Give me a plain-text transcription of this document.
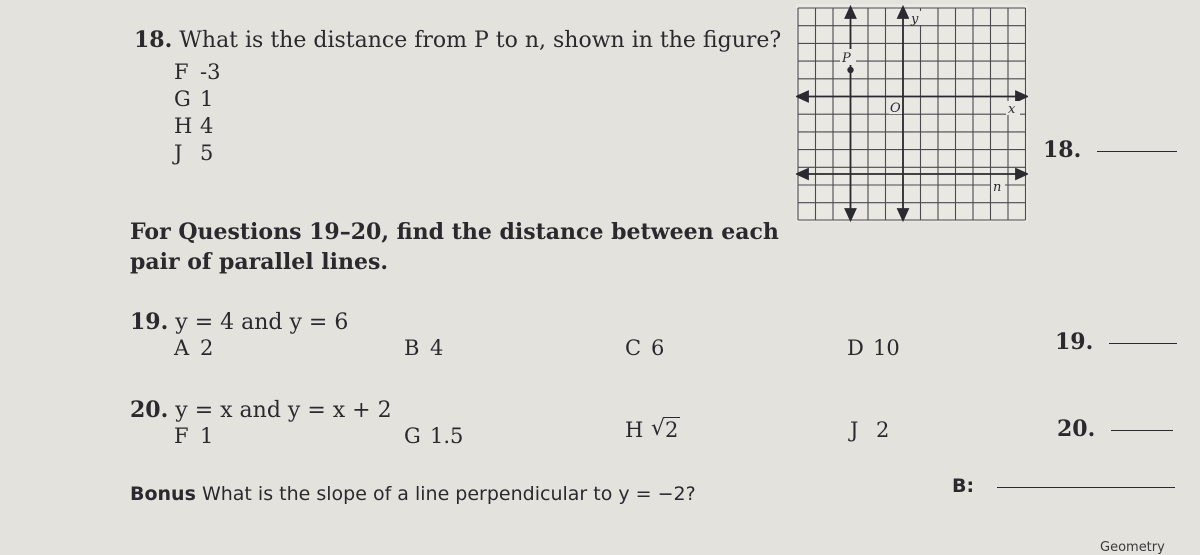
18. What is the distance from P to n, shown in the figure?
F -3
G 1
H 4
J 5
y
x
P
O
n
18.
For Questions 19–20, find the distance between each
pair of parallel lines.
19. y = 4 and y = 6
A 2	B 4	C 6	D 10	19.
20. y = x and y = x + 2
F 1	G 1.5	H √ 2	J 2	20.
Bonus What is the slope of a line perpendicular to y = −2?	B:
Geometry
